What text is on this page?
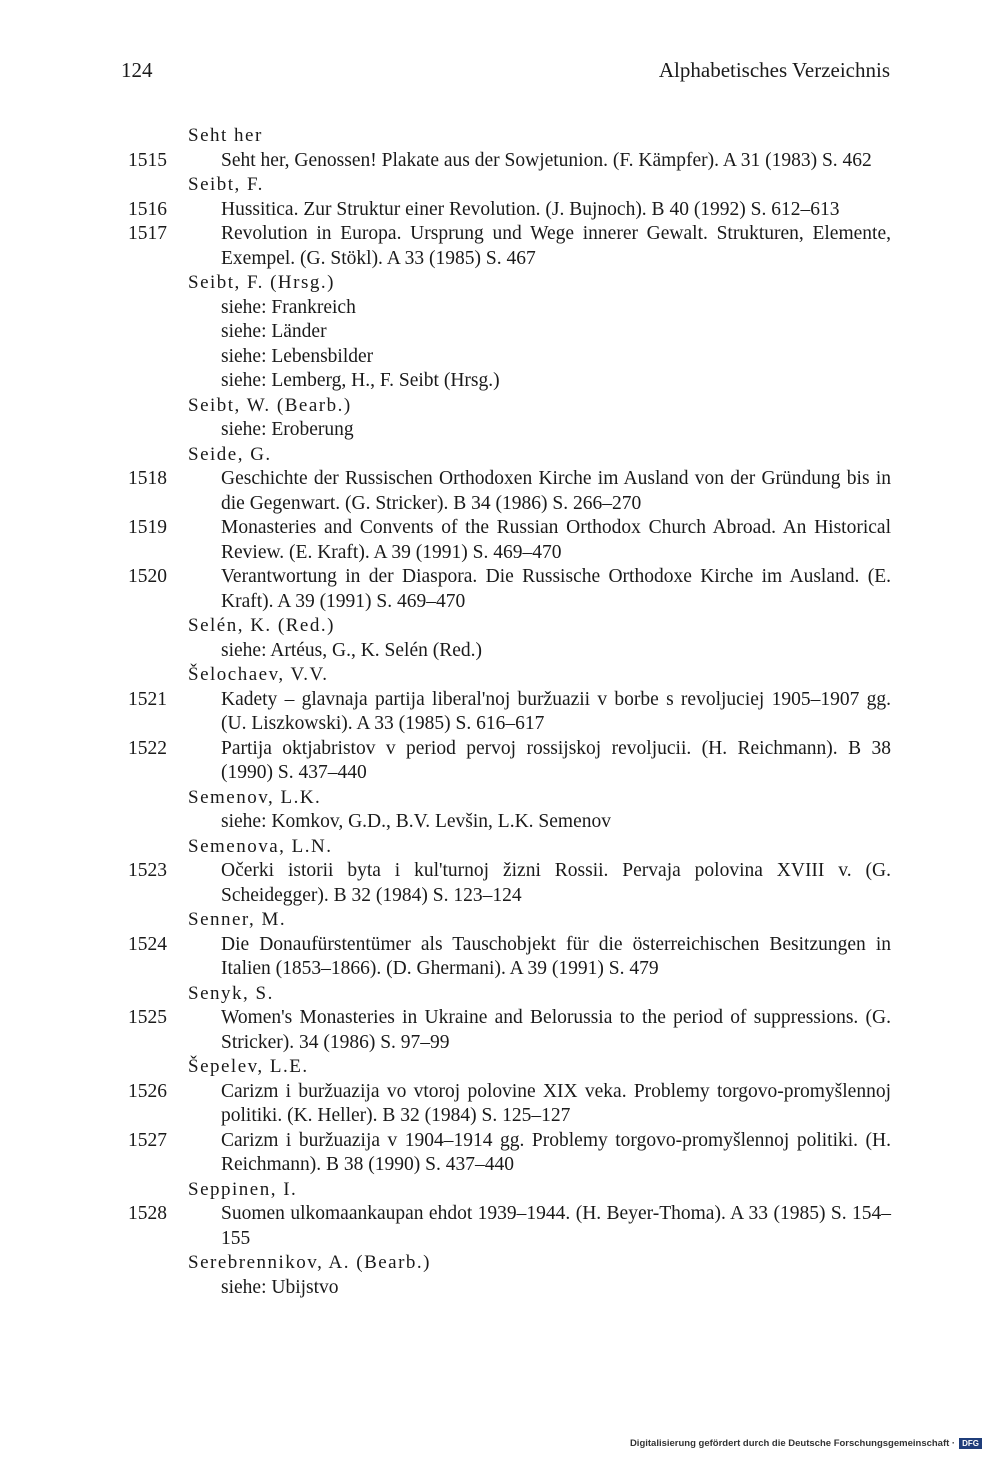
124	Alphabetisches Verzeichnis
Seht her
1515	Seht her, Genossen! Plakate aus der Sowjetunion. (F. Kämpfer). A 31 (1983) S. 462
Seibt, F.
1516	Hussitica. Zur Struktur einer Revolution. (J. Bujnoch). B 40 (1992) S. 612–613
1517	Revolution in Europa. Ursprung und Wege innerer Gewalt. Strukturen, Elemente, Exempel. (G. Stökl). A 33 (1985) S. 467
Seibt, F. (Hrsg.)
siehe: Frankreich
siehe: Länder
siehe: Lebensbilder
siehe: Lemberg, H., F. Seibt (Hrsg.)
Seibt, W. (Bearb.)
siehe: Eroberung
Seide, G.
1518	Geschichte der Russischen Orthodoxen Kirche im Ausland von der Gründung bis in die Gegenwart. (G. Stricker). B 34 (1986) S. 266–270
1519	Monasteries and Convents of the Russian Orthodox Church Abroad. An Historical Review. (E. Kraft). A 39 (1991) S. 469–470
1520	Verantwortung in der Diaspora. Die Russische Orthodoxe Kirche im Ausland. (E. Kraft). A 39 (1991) S. 469–470
Selén, K. (Red.)
siehe: Artéus, G., K. Selén (Red.)
Šelochaev, V.V.
1521	Kadety – glavnaja partija liberal'noj buržuazii v borbe s revoljuciej 1905–1907 gg. (U. Liszkowski). A 33 (1985) S. 616–617
1522	Partija oktjabristov v period pervoj rossijskoj revoljucii. (H. Reichmann). B 38 (1990) S. 437–440
Semenov, L.K.
siehe: Komkov, G.D., B.V. Levšin, L.K. Semenov
Semenova, L.N.
1523	Očerki istorii byta i kul'turnoj žizni Rossii. Pervaja polovina XVIII v. (G. Scheidegger). B 32 (1984) S. 123–124
Senner, M.
1524	Die Donaufürstentümer als Tauschobjekt für die österreichischen Besitzungen in Italien (1853–1866). (D. Ghermani). A 39 (1991) S. 479
Senyk, S.
1525	Women's Monasteries in Ukraine and Belorussia to the period of suppressions. (G. Stricker). 34 (1986) S. 97–99
Šepelev, L.E.
1526	Carizm i buržuazija vo vtoroj polovine XIX veka. Problemy torgovo-promyšlennoj politiki. (K. Heller). B 32 (1984) S. 125–127
1527	Carizm i buržuazija v 1904–1914 gg. Problemy torgovo-promyšlennoj politiki. (H. Reichmann). B 38 (1990) S. 437–440
Seppinen, I.
1528	Suomen ulkomaankaupan ehdot 1939–1944. (H. Beyer-Thoma). A 33 (1985) S. 154–155
Serebrennikov, A. (Bearb.)
siehe: Ubijstvo
Digitalisierung gefördert durch die Deutsche Forschungsgemeinschaft · DFG
